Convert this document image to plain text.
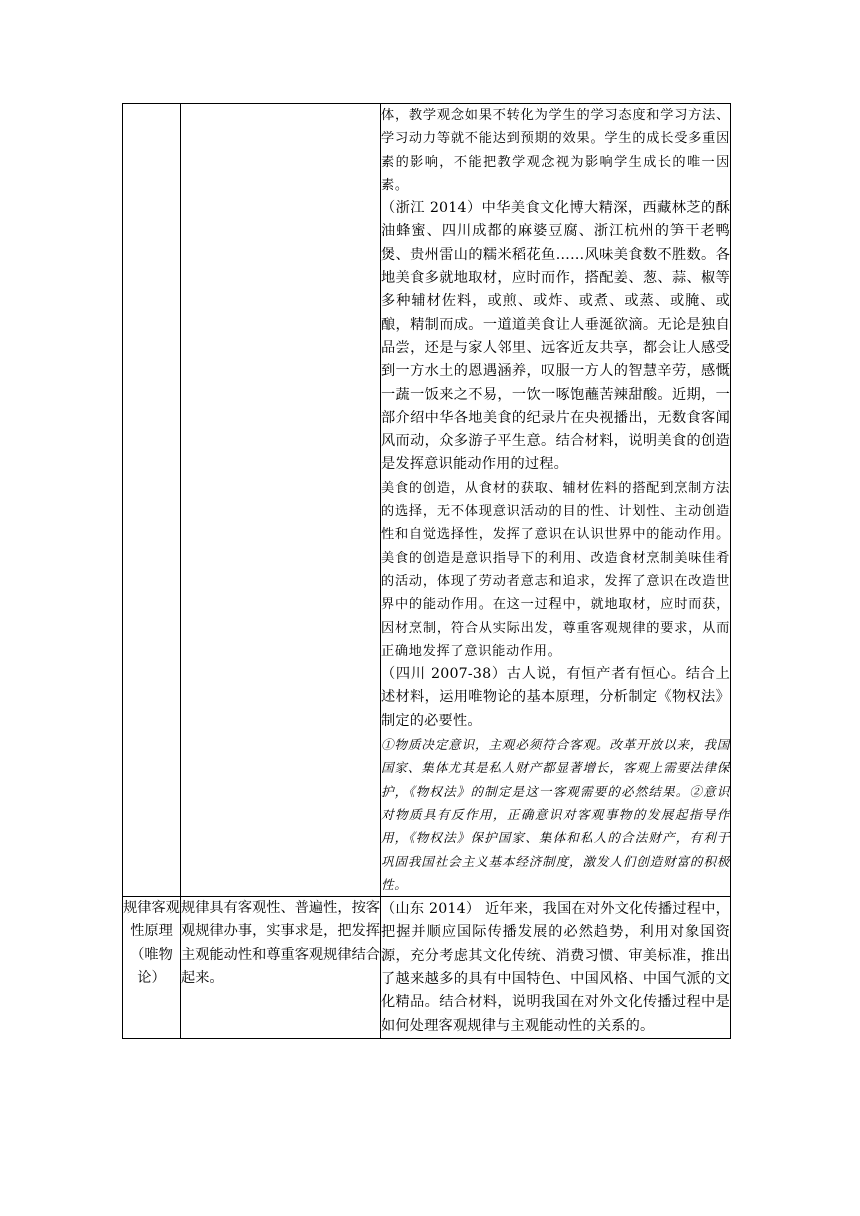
		体，教学观念如果不转化为学生的学习态度和学习方法、学习动力等就不能达到预期的效果。学生的成长受多重因素的影响，不能把教学观念视为影响学生成长的唯一因素。

（浙江 2014）中华美食文化博大精深，西藏林芝的酥油蜂蜜、四川成都的麻婆豆腐、浙江杭州的笋干老鸭煲、贵州雷山的糯米稻花鱼……风味美食数不胜数。各地美食多就地取材，应时而作，搭配姜、葱、蒜、椒等多种辅材佐料，或煎、或炸、或煮、或蒸、或腌、或酿，精制而成。一道道美食让人垂涎欲滴。无论是独自品尝，还是与家人邻里、远客近友共享，都会让人感受到一方水土的恩遇涵养，叹服一方人的智慧辛劳，感慨一蔬一饭来之不易，一饮一啄饱蘸苦辣甜酸。近期，一部介绍中华各地美食的纪录片在央视播出，无数食客闻风而动，众多游子平生意。结合材料，说明美食的创造是发挥意识能动作用的过程。

美食的创造，从食材的获取、辅材佐料的搭配到烹制方法的选择，无不体现意识活动的目的性、计划性、主动创造性和自觉选择性，发挥了意识在认识世界中的能动作用。美食的创造是意识指导下的利用、改造食材烹制美味佳肴的活动，体现了劳动者意志和追求，发挥了意识在改造世界中的能动作用。在这一过程中，就地取材，应时而获，因材烹制，符合从实际出发，尊重客观规律的要求，从而正确地发挥了意识能动作用。

（四川 2007-38）古人说，有恒产者有恒心。结合上述材料，运用唯物论的基本原理，分析制定《物权法》制定的必要性。

①物质决定意识，主观必须符合客观。改革开放以来，我国国家、集体尤其是私人财产都显著增长，客观上需要法律保护，《物权法》的制定是这一客观需要的必然结果。②意识对物质具有反作用，正确意识对客观事物的发展起指导作用，《物权法》保护国家、集体和私人的合法财产，有利于巩固我国社会主义基本经济制度，激发人们创造财富的积极性。

规律客观性原理（唯物论）	规律具有客观性、普遍性，按客观规律办事，实事求是，把发挥主观能动性和尊重客观规律结合起来。	（山东 2014） 近年来，我国在对外文化传播过程中，把握并顺应国际传播发展的必然趋势，利用对象国资源，充分考虑其文化传统、消费习惯、审美标准，推出了越来越多的具有中国特色、中国风格、中国气派的文化精品。结合材料，说明我国在对外文化传播过程中是如何处理客观规律与主观能动性的关系的。
